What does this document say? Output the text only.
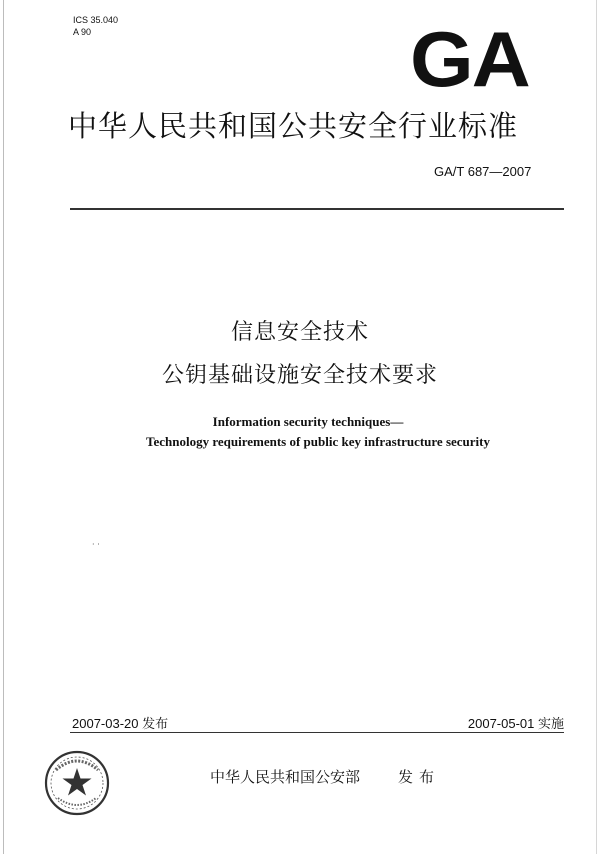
ICS 35.040
A 90	GA
中华人民共和国公共安全行业标准
GA/T 687—2007
信息安全技术
公钥基础设施安全技术要求
Information security techniques—
Technology requirements of public key infrastructure security
· ·
2007-03-20 发布	2007-05-01 实施
中华人民共和国公安部	发布
